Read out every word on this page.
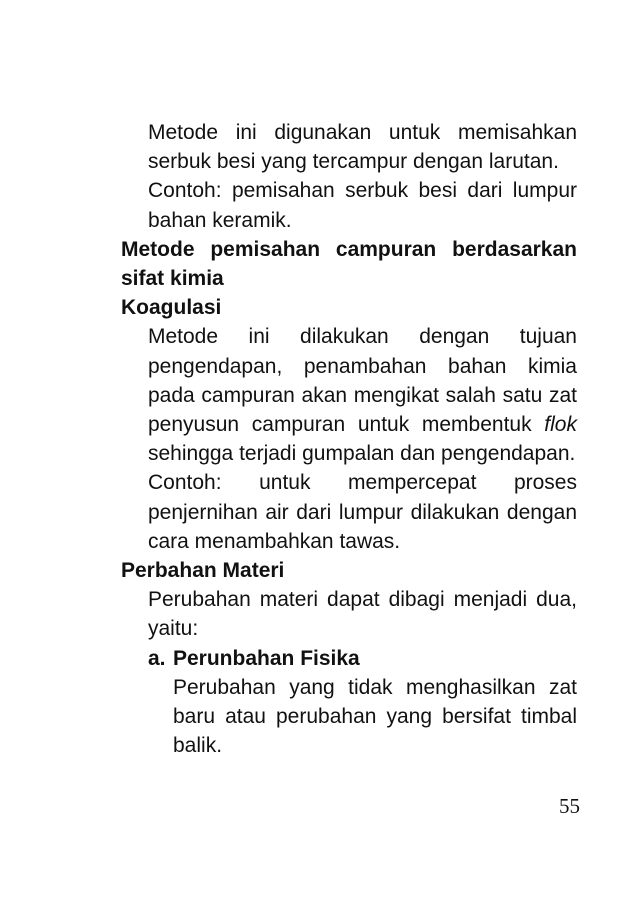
Metode ini digunakan untuk memisahkan serbuk besi yang tercampur dengan larutan.

Contoh: pemisahan serbuk besi dari lumpur bahan keramik.

Metode pemisahan campuran berdasarkan sifat kimia

Koagulasi

Metode ini dilakukan dengan tujuan pengendapan, penambahan bahan kimia pada campuran akan mengikat salah satu zat penyusun campuran untuk membentuk flok sehingga terjadi gumpalan dan pengendapan.

Contoh: untuk mempercepat proses penjernihan air dari lumpur dilakukan dengan cara menambahkan tawas.

Perbahan Materi

Perubahan materi dapat dibagi menjadi dua, yaitu:

a. Perunbahan Fisika

Perubahan yang tidak menghasilkan zat baru atau perubahan yang bersifat timbal balik.

55
